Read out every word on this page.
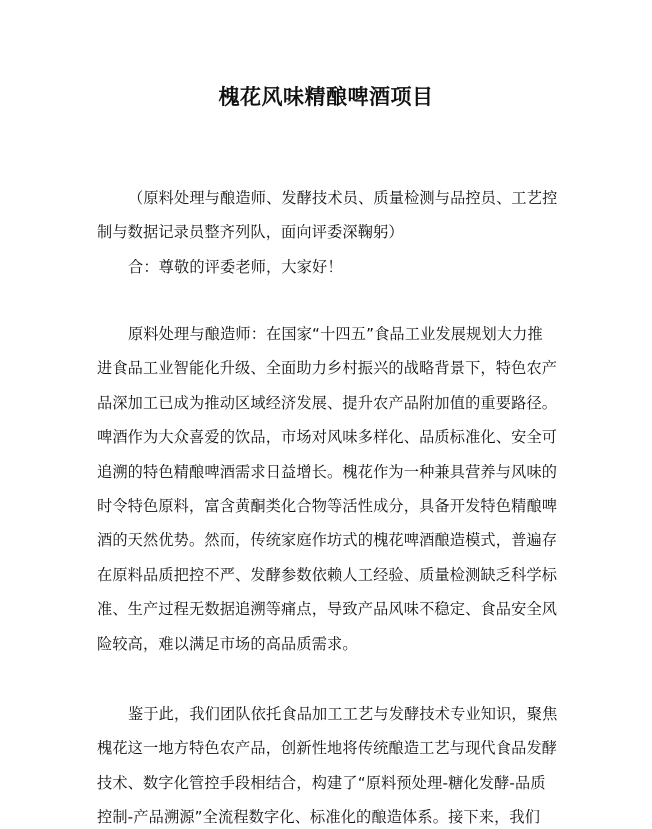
槐花风味精酿啤酒项目
（原料处理与酿造师、发酵技术员、质量检测与品控员、工艺控
制与数据记录员整齐列队，面向评委深鞠躬）
合：尊敬的评委老师，大家好！
原料处理与酿造师：在国家“十四五”食品工业发展规划大力推
进食品工业智能化升级、全面助力乡村振兴的战略背景下，特色农产
品深加工已成为推动区域经济发展、提升农产品附加值的重要路径。
啤酒作为大众喜爱的饮品，市场对风味多样化、品质标准化、安全可
追溯的特色精酿啤酒需求日益增长。槐花作为一种兼具营养与风味的
时令特色原料，富含黄酮类化合物等活性成分，具备开发特色精酿啤
酒的天然优势。然而，传统家庭作坊式的槐花啤酒酿造模式，普遍存
在原料品质把控不严、发酵参数依赖人工经验、质量检测缺乏科学标
准、生产过程无数据追溯等痛点，导致产品风味不稳定、食品安全风
险较高，难以满足市场的高品质需求。
鉴于此，我们团队依托食品加工工艺与发酵技术专业知识，聚焦
槐花这一地方特色农产品，创新性地将传统酿造工艺与现代食品发酵
技术、数字化管控手段相结合，构建了“原料预处理-糖化发酵-品质
控制-产品溯源”全流程数字化、标准化的酿造体系。接下来，我们
